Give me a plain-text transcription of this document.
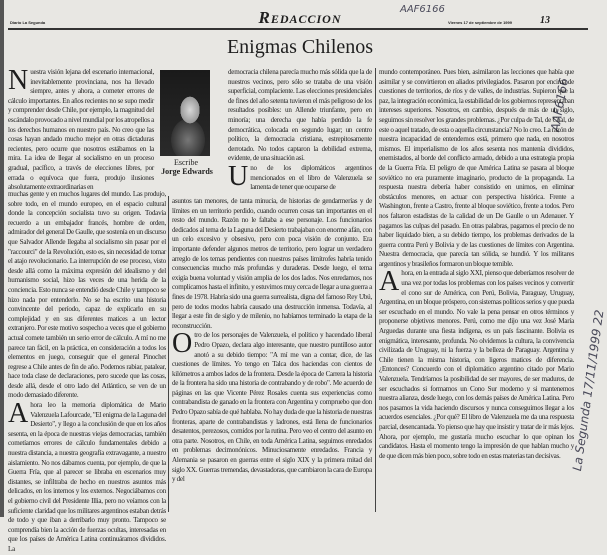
Diario La Segunda	Redaccion	Viernes 17 de septiembre de 1999	13
AAF6166
AAF6166
La Segunda 17/11/1999 22
Enigmas Chilenos
Escribe
Jorge Edwards

Nuestra visión lejana del escenario internacional, inevitablemente provinciana, nos ha llevado siempre, antes y ahora, a cometer errores de cálculo importantes. En años recientes no se supo medir y comprender desde Chile, por ejemplo, la magnitud del escándalo provocado a nivel mundial por los atropellos a los derechos humanos en nuestro país. No creo que las cosas hayan andado mucho mejor en otras dictaduras recientes, pero ocurre que nosotros estábamos en la mira. La idea de llegar al socialismo en un proceso gradual, pacífico, a través de elecciones libres, por errada o equívoca que fuera, produjo ilusiones absolutamente extraordinarias en

muchas gente y en muchos lugares del mundo. Las produjo, sobre todo, en el mundo europeo, en el espacio cultural donde la concepción socialista tuvo su origen. Todavía recuerdo a un embajador francés, hombre de orden, admirador del general De Gaulle, que sostenía en un discurso que Salvador Allende llegaba al socialismo sin pasar por el "raccourci" de la Revolución, esto es, sin necesidad de tomar el atajo revolucionario. La interrupción de ese proceso, visto desde allá como la máxima expresión del idealismo y del humanismo social, hizo las veces de una herida de la conciencia. Esto nunca se entendió desde Chile y tampoco se hizo nada por entenderlo. No se ha escrito una historia convincente del período, capaz de explicarlo en su complejidad y en sus diferentes matices a un lector extranjero. Por este motivo sospecho a veces que el gobierno actual comete también un serio error de cálculo. A mí no me parece tan fácil, en la práctica, en consideración a todos los elementos en juego, conseguir que el general Pinochet regrese a Chile antes de fin de año. Podemos rabiar, patalear, hace toda clase de declaraciones, pero sucede que las cosas, desde allá, desde el otro lado del Atlántico, se ven de un modo demasiado diferente.

Ahora leo la memoria diplomática de Mario Valenzuela Lafourcade, "El enigma de la Laguna del Desierto", y llego a la conclusión de que en los años sesenta, en la época de nuestras viejas democracias, también cometíamos errores de cálculo fundamentales debido a nuestra distancia, a nuestra geografía extravagante, a nuestro aislamiento. No nos dábamos cuenta, por ejemplo, de que la Guerra Fría, que al parecer se libraba en escenarios muy distantes, se infiltraba de hecho en nuestros asuntos más delicados, en los internos y los externos. Negociábamos con el gobierno civil del Presidente Illia, pero no veíamos con la suficiente claridad que los militares argentinos estaban detrás de todo y que iban a derribarlo muy pronto. Tampoco se comprendía bien la acción de fuerzas ocultas, interesadas en que los países de América Latina continuáramos divididos. La

democracia chilena parecía mucho más sólida que la de nuestros vecinos, pero sólo se trataba de una visión superficial, complaciente. Las elecciones presidenciales de fines del año setenta tuvieron el más peligroso de los resultados posibles: un Allende triunfante, pero en minoría; una derecha que había perdido la fe democrática, colocada en segundo lugar; un centro político, la democracia cristiana, estrepitosamente derrotado. No todos captaron la debilidad extrema, evidente, de una situación así.

Uno de los diplomáticos argentinos mencionados en el libro de Valenzuela se lamenta de tener que ocuparse de

asuntos tan menores, de tanta minucia, de historias de gendarmerías y de límites en un territorio perdido, cuando ocurren cosas tan importantes en el resto del mundo. Razón no le faltaba a ese personaje. Los funcionarios dedicados al tema de la Laguna del Desierto trabajaban con enorme afán, con un celo excesivo y obsesivo, pero con poca visión de conjunto. Era importante defender algunos metros de territorio, pero lograr un verdadero arreglo de los temas pendientes con nuestros países limítrofes habría tenido consecuencias mucho más profundas y duraderas. Desde luego, el tema exigía buena voluntad y visión amplia de los dos lados. Nos enredamos, nos complicamos hasta el infinito, y estuvimos muy cerca de llegar a una guerra a fines de 1978. Habría sido una guerra surrealista, digna del famoso Rey Ubú, pero de todos modos habría causado una destrucción inmensa. Todavía, al llegar a este fin de siglo y de milenio, no habíamos terminado la etapa de la reconstrucción.

Otro de los personajes de Valenzuela, el político y hacendado liberal Pedro Opazo, declara algo interesante, que nuestro puntilloso autor anotó a su debido tiempo: "A mí me van a contar, dice, de las cuestiones de límites. Yo tengo en Talca dos haciendas con cientos de kilómetros a ambos lados de la frontera. Desde la época de Carrera la historia de la frontera ha sido una historia de contrabando y de robo". Me acuerdo de páginas en las que Vicente Pérez Rosales cuenta sus experiencias como contrabandista de ganado en la frontera con Argentina y compruebo que don Pedro Opazo sabía de qué hablaba. No hay duda de que la historia de nuestras fronteras, aparte de contrabandistas y ladrones, está llena de funcionarios desatentos, perezosos, comidos por la rutina. Pero veo el centro del asunto en otra parte. Nosotros, en Chile, en toda América Latina, seguimos enredados en problemas decimonónicos. Minuciosamente enredados. Francia y Alemania se pasaron en guerras entre el siglo XIX y la primera mitad del siglo XX. Guerras tremendas, devastadoras, que cambiaron la cara de Europa y del

mundo contemporáneo. Pues bien, asimilaron las lecciones que había que asimilar y se convirtieron en aliados privilegiados. Pasaron por encima de cuestiones de territorios, de ríos y de valles, de industrias. Supieron que la paz, la integración económica, la estabilidad de los gobiernos representaban intereses superiores. Nosotros, en cambio, después de más de un siglo, seguimos sin resolver los grandes problemas. ¿Por culpa de Tal, de Cual, de este o aquel tratado, de esta o aquella circunstancia? No lo creo. La razón de nuestra incapacidad de entendernos está, primero que nada, en nosotros mismos. El imperialismo de los años sesenta nos mantenía divididos, enemistados, al borde del conflicto armado, debido a una estrategia propia de la Guerra Fría. El peligro de que América Latina se pasara al bloque soviético no era puramente imaginario, producto de la propaganda. La respuesta nuestra debería haber consistido en unirnos, en eliminar obstáculos menores, en actuar con perspectiva histórica. Frente a Washington, frente a Castro, frente al bloque soviético, frente a todos. Pero nos faltaron estadistas de la calidad de un De Gaulle o un Adenauer. Y pagamos las culpas del pasado. En otras palabras, pagamos el precio de no haber liquidado bien, a su debido tiempo, los problemas derivados de la guerra contra Perú y Bolivia y de las cuestiones de límites con Argentina. Nuestra democracia, que parecía tan sólida, se hundió. Y los militares argentinos y brasileños formaron un bloque temible.

Ahora, en la entrada al siglo XXI, pienso que deberíamos resolver de una vez por todas los problemas con los países vecinos y convertir el cono sur de América, con Perú, Bolivia, Paraguay, Uruguay, Argentina, en un bloque próspero, con sistemas políticos serios y que pueda ser escuchado en el mundo. No vale la pena pensar en otros términos y proponerse objetivos menores. Perú, como me dijo una vez José María Arguedas durante una fiesta indígena, es un país fascinante. Bolivia es enigmática, interesante, profunda. No olvidemos la cultura, la convivencia civilizada de Uruguay, ni la fuerza y la belleza de Paraguay. Argentina y Chile tienen la misma historia, con ligeros matices de diferencia. ¿Entonces? Concuerdo con el diplomático argentino citado por Mario Valenzuela. Tendríamos la posibilidad de ser mayores, de ser maduros, de ser escuchados si formamos un Cono Sur moderno y si mantenemos nuestra alianza, desde luego, con los demás países de América Latina. Pero nos pasamos la vida haciendo discursos y nunca conseguimos llegar a los acuerdos esenciales. ¿Por qué? El libro de Valenzuela me da una respuesta parcial, desencantada. Yo pienso que hay que insistir y tratar de ir más lejos. Ahora, por ejemplo, me gustaría mucho escuchar lo que opinan los candidatos. Hasta el momento tengo la impresión de que hablan mucho y de que dicen más bien poco, sobre todo en estas materias tan decisivas.
